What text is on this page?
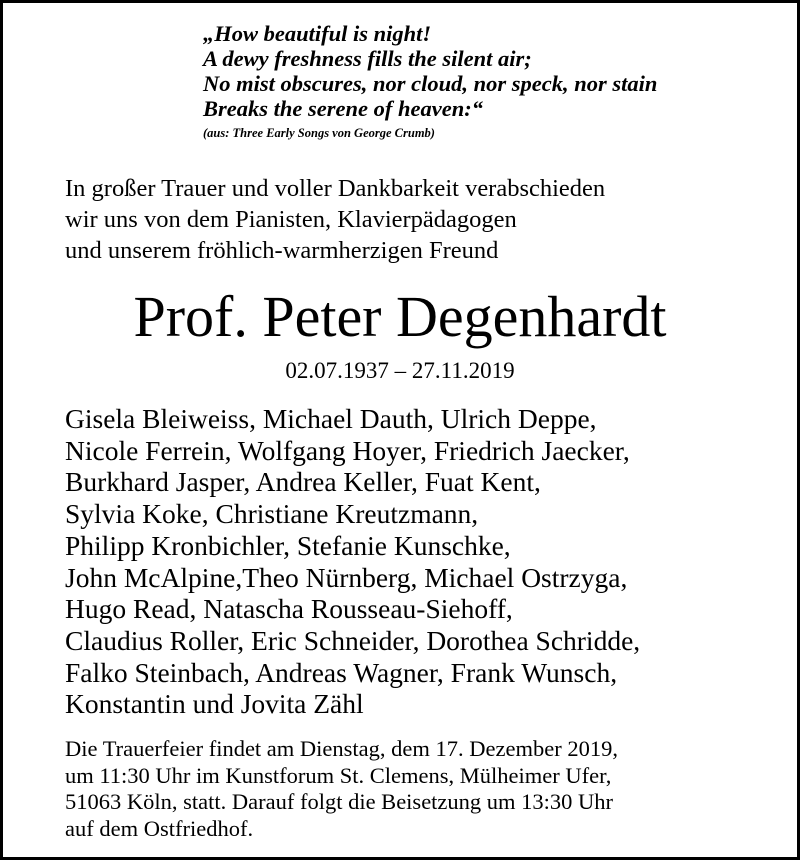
„How beautiful is night!
A dewy freshness fills the silent air;
No mist obscures, nor cloud, nor speck, nor stain
Breaks the serene of heaven:“
(aus: Three Early Songs von George Crumb)
In großer Trauer und voller Dankbarkeit verabschieden
wir uns von dem Pianisten, Klavierpädagogen
und unserem fröhlich-warmherzigen Freund
Prof. Peter Degenhardt
02.07.1937 – 27.11.2019
Gisela Bleiweiss, Michael Dauth, Ulrich Deppe,
Nicole Ferrein, Wolfgang Hoyer, Friedrich Jaecker,
Burkhard Jasper, Andrea Keller, Fuat Kent,
Sylvia Koke, Christiane Kreutzmann,
Philipp Kronbichler, Stefanie Kunschke,
John McAlpine,Theo Nürnberg, Michael Ostrzyga,
Hugo Read, Natascha Rousseau-Siehoff,
Claudius Roller, Eric Schneider, Dorothea Schridde,
Falko Steinbach, Andreas Wagner, Frank Wunsch,
Konstantin und Jovita Zähl
Die Trauerfeier findet am Dienstag, dem 17. Dezember 2019,
um 11:30 Uhr im Kunstforum St. Clemens, Mülheimer Ufer,
51063 Köln, statt. Darauf folgt die Beisetzung um 13:30 Uhr
auf dem Ostfriedhof.
